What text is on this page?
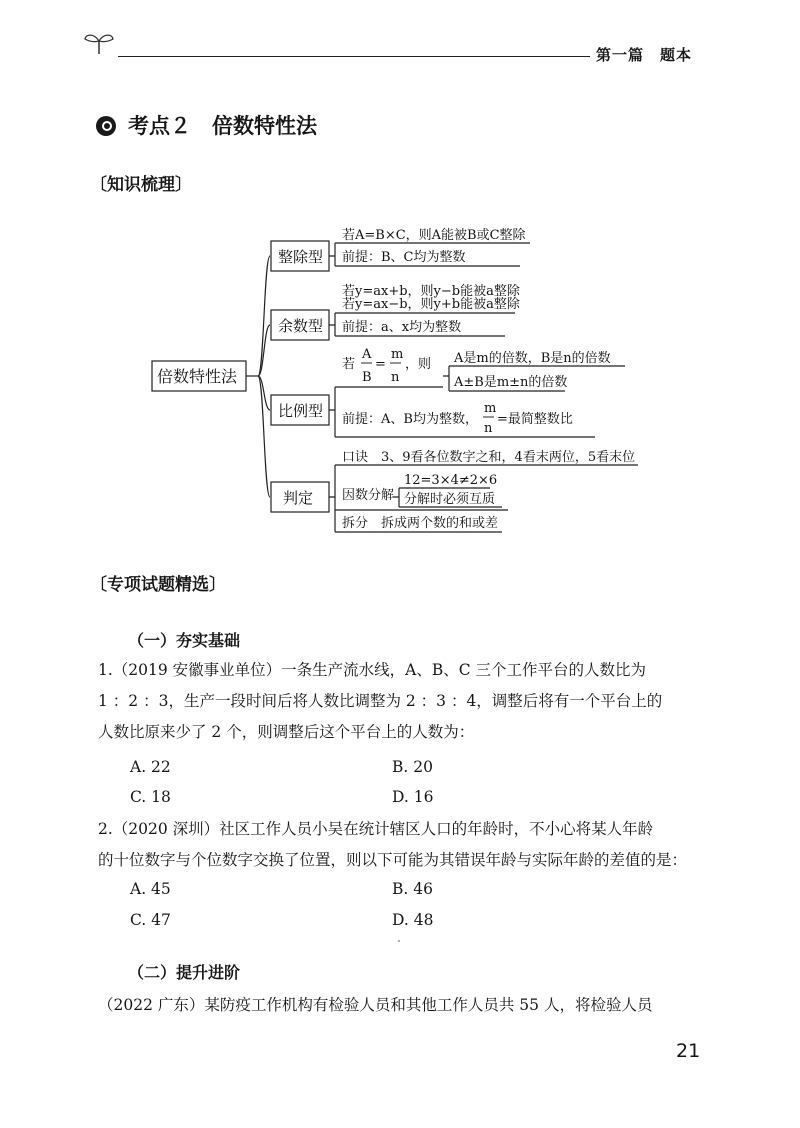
第一篇　题本
考点２　倍数特性法
〔知识梳理〕
倍数特性法
整除型
余数型
比例型
判定
若A=B×C，则A能被B或C整除
前提：B、C均为整数
若y=ax+b，则y−b能被a整除
若y=ax−b，则y+b能被a整除
前提：a、x均为整数
若
A
B
=
m
n
，则 A是m的倍数，B是n的倍数
A±B是m±n的倍数
前提：A、B均为整数，
m
n
=最简整数比
口诀　3、9看各位数字之和，4看末两位，5看末位
因数分解
12=3×4≠2×6
分解时必须互质
拆分　拆成两个数的和或差
〔专项试题精选〕
（一）夯实基础
1.（2019 安徽事业单位）一条生产流水线，A、B、C 三个工作平台的人数比为
1 ：2 ：3，生产一段时间后将人数比调整为 2 ：3 ：4，调整后将有一个平台上的
人数比原来少了 2 个，则调整后这个平台上的人数为：
A. 22	B. 20
C. 18	D. 16
2.（2020 深圳）社区工作人员小吴在统计辖区人口的年龄时，不小心将某人年龄
的十位数字与个位数字交换了位置，则以下可能为其错误年龄与实际年龄的差值的是：
A. 45	B. 46
C. 47	D. 48
（二）提升进阶
（2022 广东）某防疫工作机构有检验人员和其他工作人员共 55 人，将检验人员
21
